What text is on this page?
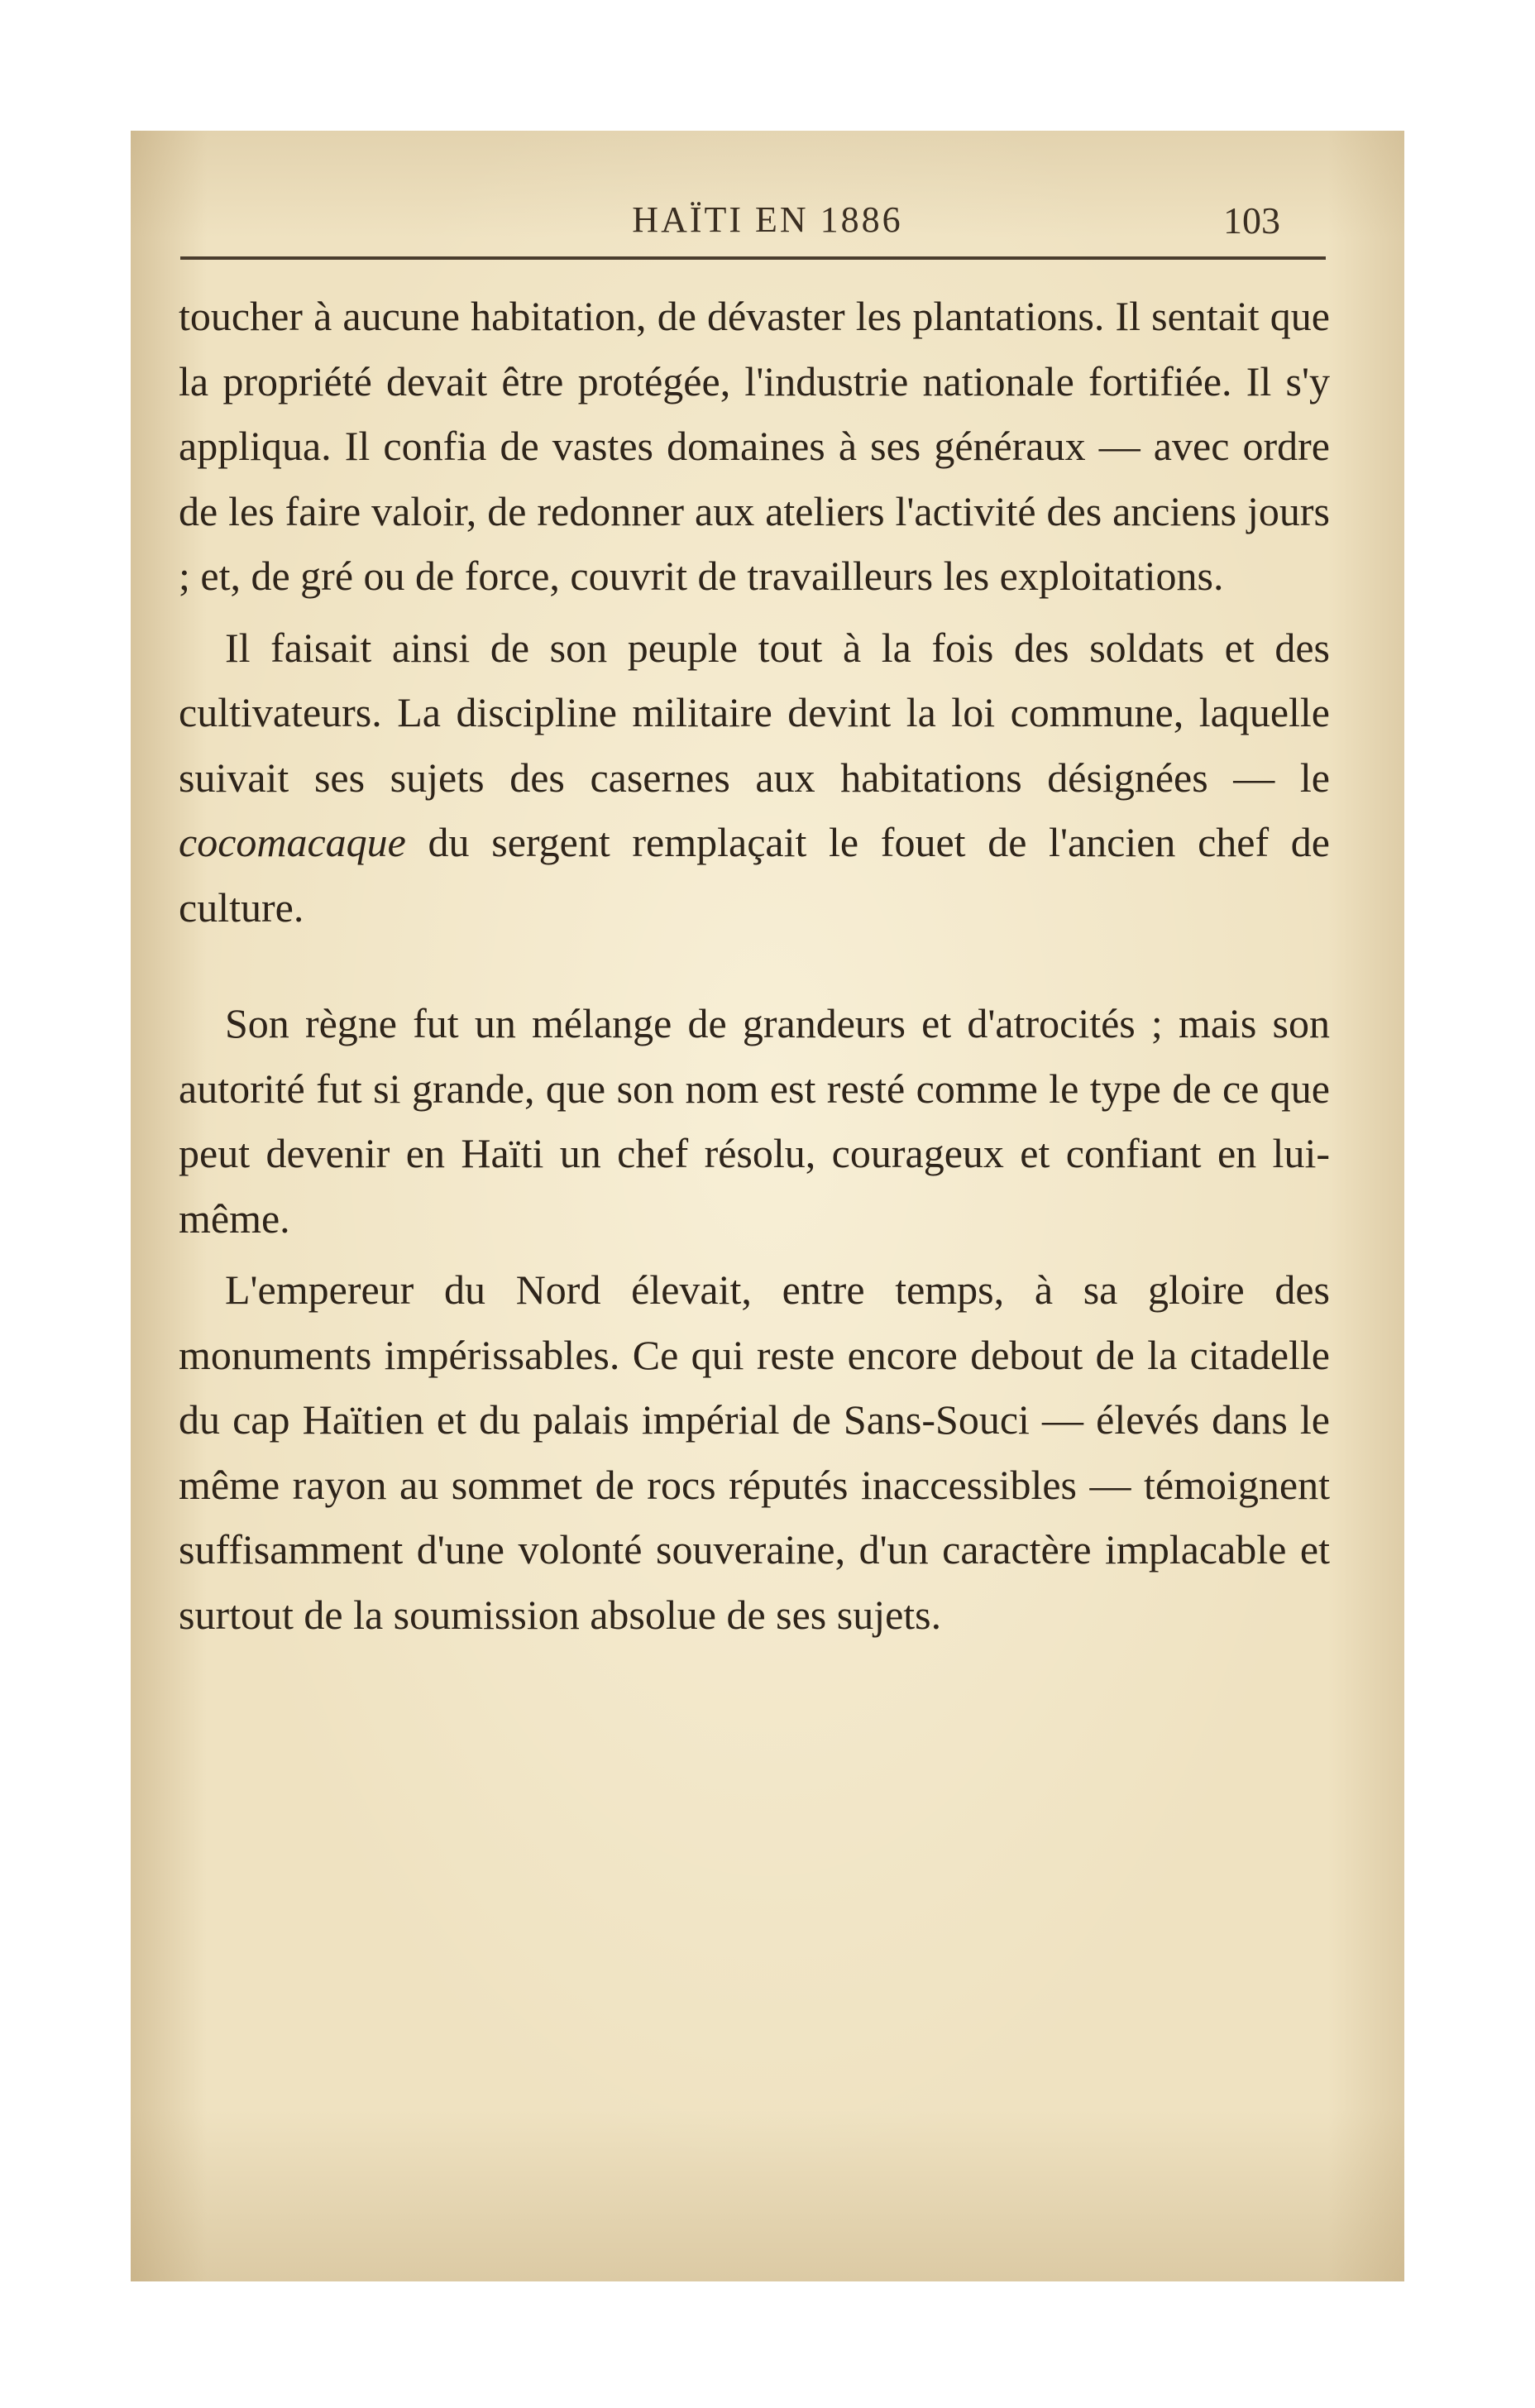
HAÏTI EN 1886	103

toucher à aucune habitation, de dévaster les plantations. Il sentait que la propriété devait être protégée, l'industrie nationale fortifiée. Il s'y appliqua. Il confia de vastes domaines à ses généraux — avec ordre de les faire valoir, de redonner aux ateliers l'activité des anciens jours ; et, de gré ou de force, couvrit de travailleurs les exploitations.

Il faisait ainsi de son peuple tout à la fois des soldats et des cultivateurs. La discipline militaire devint la loi commune, laquelle suivait ses sujets des casernes aux habitations désignées — le cocomacaque du sergent remplaçait le fouet de l'ancien chef de culture.

Son règne fut un mélange de grandeurs et d'atrocités ; mais son autorité fut si grande, que son nom est resté comme le type de ce que peut devenir en Haïti un chef résolu, courageux et confiant en lui-même.

L'empereur du Nord élevait, entre temps, à sa gloire des monuments impérissables. Ce qui reste encore debout de la citadelle du cap Haïtien et du palais impérial de Sans-Souci — élevés dans le même rayon au sommet de rocs réputés inaccessibles — témoignent suffisamment d'une volonté souveraine, d'un caractère implacable et surtout de la soumission absolue de ses sujets.
